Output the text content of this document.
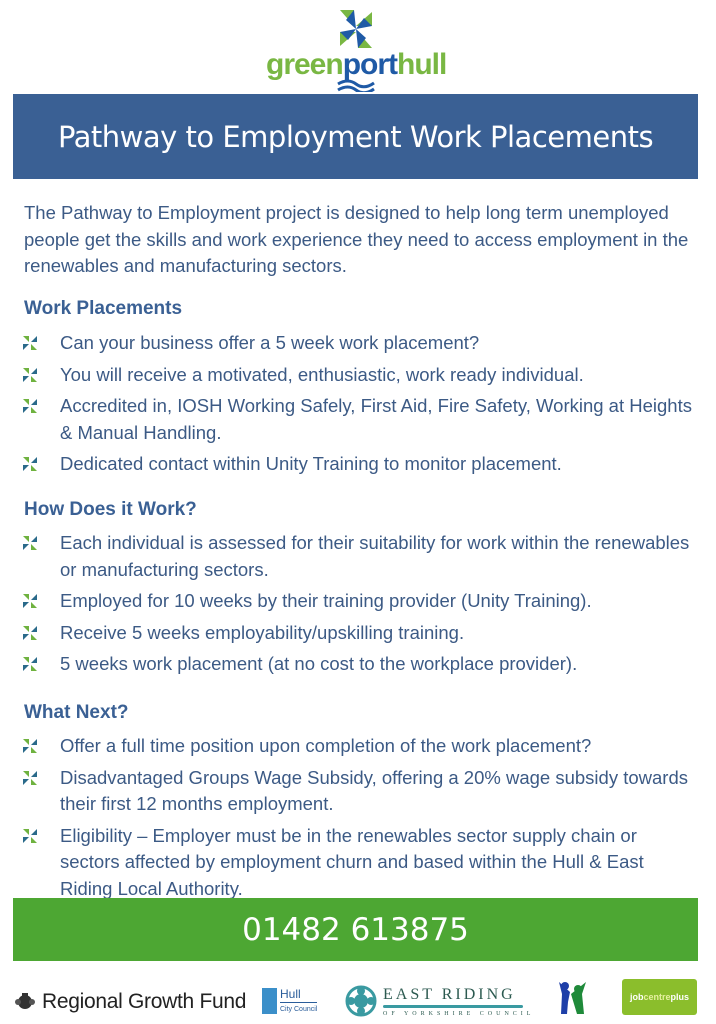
greenporthull
Pathway to Employment Work Placements

The Pathway to Employment project is designed to help long term unemployed people get the skills and work experience they need to access employment in the renewables and manufacturing sectors.

Work Placements
Can your business offer a 5 week work placement?
You will receive a motivated, enthusiastic, work ready individual.
Accredited in, IOSH Working Safely, First Aid, Fire Safety, Working at Heights & Manual Handling.
Dedicated contact within Unity Training to monitor placement.
How Does it Work?
Each individual is assessed for their suitability for work within the renewables or manufacturing sectors.
Employed for 10 weeks by their training provider (Unity Training).
Receive 5 weeks employability/upskilling training.
5 weeks work placement (at no cost to the workplace provider).
What Next?
Offer a full time position upon completion of the work placement?
Disadvantaged Groups Wage Subsidy, offering a 20% wage subsidy towards their first 12 months employment.
Eligibility – Employer must be in the renewables sector supply chain or sectors affected by employment churn and based within the Hull & East Riding Local Authority.
01482 613875
Regional Growth Fund	Hull
City Council
EAST RIDING
OF YORKSHIRE COUNCIL
job centre plus
